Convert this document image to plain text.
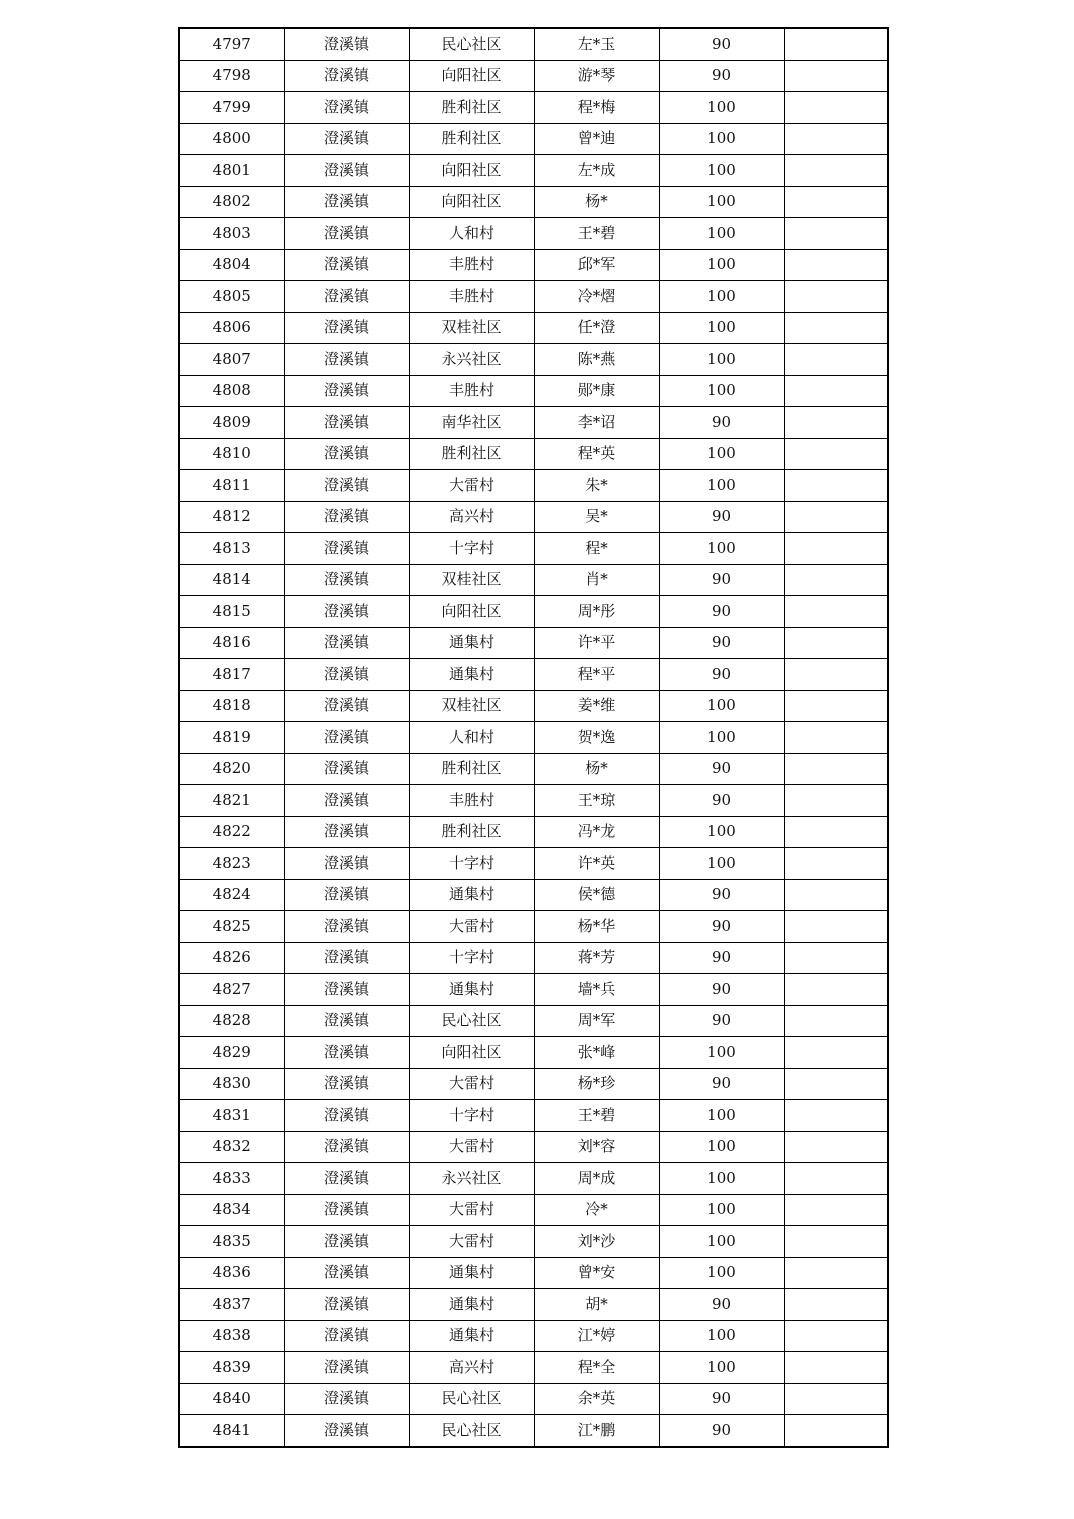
4797	澄溪镇	民心社区	左*玉	90	
4798	澄溪镇	向阳社区	游*琴	90	
4799	澄溪镇	胜利社区	程*梅	100	
4800	澄溪镇	胜利社区	曾*迪	100	
4801	澄溪镇	向阳社区	左*成	100	
4802	澄溪镇	向阳社区	杨*	100	
4803	澄溪镇	人和村	王*碧	100	
4804	澄溪镇	丰胜村	邱*军	100	
4805	澄溪镇	丰胜村	冷*熠	100	
4806	澄溪镇	双桂社区	任*澄	100	
4807	澄溪镇	永兴社区	陈*燕	100	
4808	澄溪镇	丰胜村	郧*康	100	
4809	澄溪镇	南华社区	李*诏	90	
4810	澄溪镇	胜利社区	程*英	100	
4811	澄溪镇	大雷村	朱*	100	
4812	澄溪镇	高兴村	吴*	90	
4813	澄溪镇	十字村	程*	100	
4814	澄溪镇	双桂社区	肖*	90	
4815	澄溪镇	向阳社区	周*彤	90	
4816	澄溪镇	通集村	许*平	90	
4817	澄溪镇	通集村	程*平	90	
4818	澄溪镇	双桂社区	姜*维	100	
4819	澄溪镇	人和村	贺*逸	100	
4820	澄溪镇	胜利社区	杨*	90	
4821	澄溪镇	丰胜村	王*琼	90	
4822	澄溪镇	胜利社区	冯*龙	100	
4823	澄溪镇	十字村	许*英	100	
4824	澄溪镇	通集村	侯*德	90	
4825	澄溪镇	大雷村	杨*华	90	
4826	澄溪镇	十字村	蒋*芳	90	
4827	澄溪镇	通集村	墙*兵	90	
4828	澄溪镇	民心社区	周*军	90	
4829	澄溪镇	向阳社区	张*峰	100	
4830	澄溪镇	大雷村	杨*珍	90	
4831	澄溪镇	十字村	王*碧	100	
4832	澄溪镇	大雷村	刘*容	100	
4833	澄溪镇	永兴社区	周*成	100	
4834	澄溪镇	大雷村	冷*	100	
4835	澄溪镇	大雷村	刘*沙	100	
4836	澄溪镇	通集村	曾*安	100	
4837	澄溪镇	通集村	胡*	90	
4838	澄溪镇	通集村	江*婷	100	
4839	澄溪镇	高兴村	程*全	100	
4840	澄溪镇	民心社区	余*英	90	
4841	澄溪镇	民心社区	江*鹏	90	
